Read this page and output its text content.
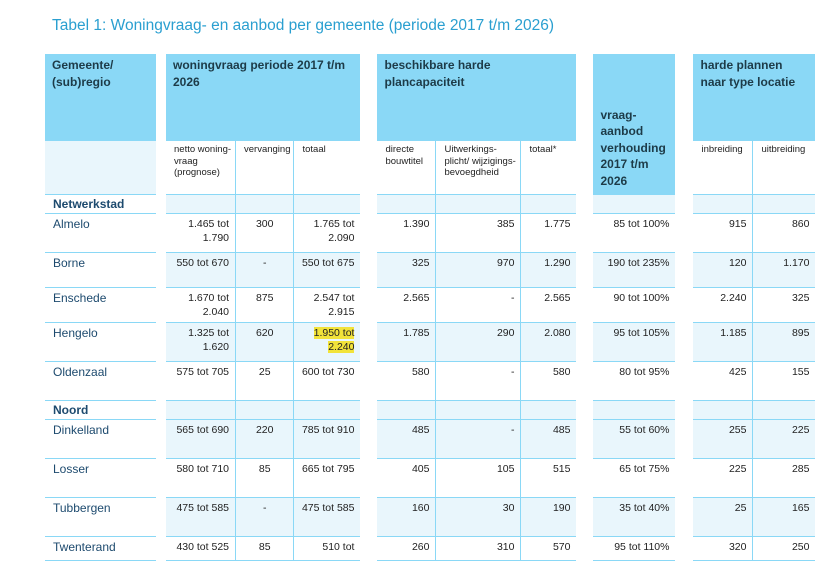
Tabel 1: Woningvraag- en aanbod per gemeente (periode 2017 t/m 2026)
Gemeente/ (sub)regio		woningvraag periode 2017 t/m 2026				beschikbare harde plancapaciteit				vraag-aanbod verhouding 2017 t/m 2026		harde plannen naar type locatie	
		netto woning-vraag (prognose)	vervanging	totaal		directe bouwtitel	Uitwerkings-plicht/ wijzigings-bevoegdheid	totaal*				inbreiding	uitbreiding
Netwerkstad													
Almelo		1.465 tot 1.790	300	1.765 tot 2.090		1.390	385	1.775		85 tot 100%		915	860
Borne		550 tot 670	-	550 tot 675		325	970	1.290		190 tot 235%		120	1.170
Enschede		1.670 tot 2.040	875	2.547 tot 2.915		2.565	-	2.565		90 tot 100%		2.240	325
Hengelo		1.325 tot 1.620	620	1.950 tot 2.240		1.785	290	2.080		95 tot 105%		1.185	895
Oldenzaal		575 tot 705	25	600 tot 730		580	-	580		80 tot 95%		425	155
Noord													
Dinkelland		565 tot 690	220	785 tot 910		485	-	485		55 tot 60%		255	225
Losser		580 tot 710	85	665 tot 795		405	105	515		65 tot 75%		225	285
Tubbergen		475 tot 585	-	475 tot 585		160	30	190		35 tot 40%		25	165
Twenterand		430 tot 525	85	510 tot		260	310	570		95 tot 110%		320	250
